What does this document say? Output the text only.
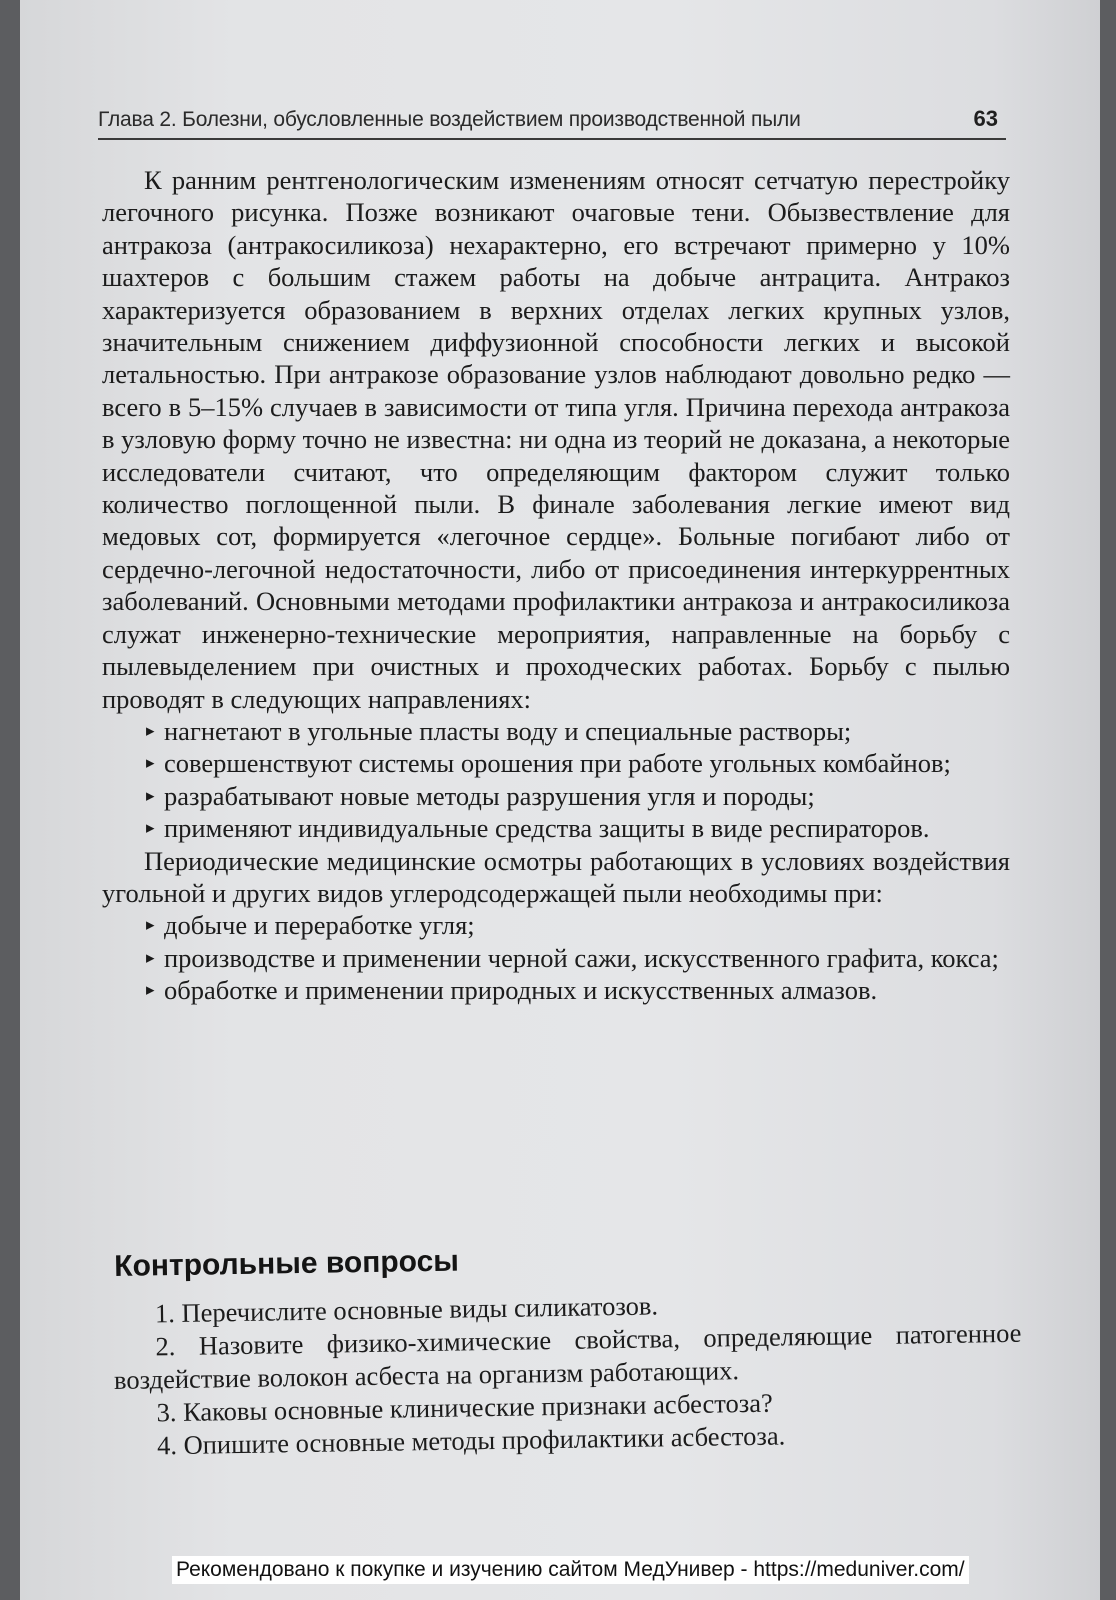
Глава 2. Болезни, обусловленные воздействием производственной пыли	63

К ранним рентгенологическим изменениям относят сетчатую перестройку легочного рисунка. Позже возникают очаговые тени. Обызвествление для антракоза (антракосиликоза) нехарактерно, его встречают примерно у 10% шахтеров с большим стажем работы на добыче антрацита. Антракоз характеризуется образованием в верхних отделах легких крупных узлов, значительным снижением диффузионной способности легких и высокой летальностью. При антракозе образование узлов наблюдают довольно редко — всего в 5–15% случаев в зависимости от типа угля. Причина перехода антракоза в узловую форму точно не известна: ни одна из теорий не доказана, а некоторые исследователи считают, что определяющим фактором служит только количество поглощенной пыли. В финале заболевания легкие имеют вид медовых сот, формируется «легочное сердце». Больные погибают либо от сердечно-легочной недостаточности, либо от присоединения интеркуррентных заболеваний. Основными методами профилактики антракоза и антракосиликоза служат инженерно-технические мероприятия, направленные на борьбу с пылевыделением при очистных и проходческих работах. Борьбу с пылью проводят в следующих направлениях:

▸ нагнетают в угольные пласты воду и специальные растворы;
▸ совершенствуют системы орошения при работе угольных комбайнов;
▸ разрабатывают новые методы разрушения угля и породы;
▸ применяют индивидуальные средства защиты в виде респираторов.

Периодические медицинские осмотры работающих в условиях воздействия угольной и других видов углеродсодержащей пыли необходимы при:

▸ добыче и переработке угля;
▸ производстве и применении черной сажи, искусственного графита, кокса;
▸ обработке и применении природных и искусственных алмазов.
Контрольные вопросы
1. Перечислите основные виды силикатозов.
2. Назовите физико-химические свойства, определяющие патогенное воздействие волокон асбеста на организм работающих.
3. Каковы основные клинические признаки асбестоза?
4. Опишите основные методы профилактики асбестоза.
Рекомендовано к покупке и изучению сайтом МедУнивер - https://meduniver.com/
